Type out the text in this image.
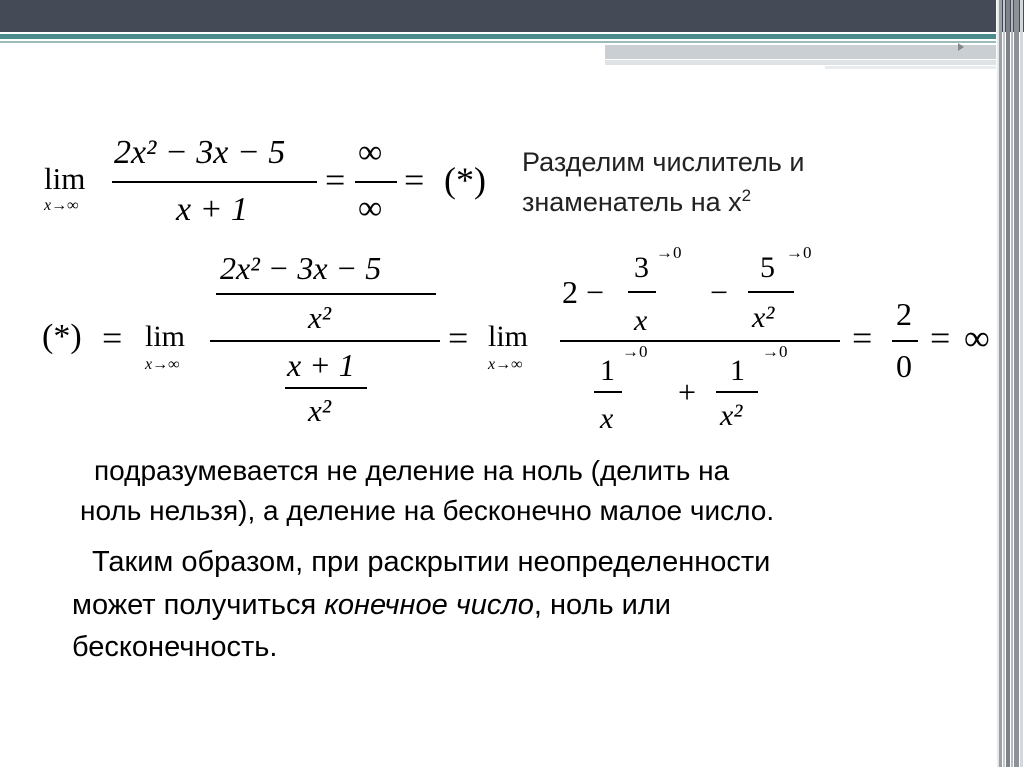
lim
x→∞
2x² − 3x − 5
x + 1
=
∞
∞
= (*) Разделим числитель и
знаменатель на $x^2$
(*) = lim
x→∞
2x² − 3x − 5
x²
x + 1
x²
= lim
x→∞
2 −
3 →0
x
−
5 →0
x²
1
→0
x
+
1
→0
x²
=
2
0
= ∞
подразумевается не деление на ноль (делить на
ноль нельзя), а деление на бесконечно малое число.
Таким образом, при раскрытии неопределенности
может получиться конечное число, ноль или
бесконечность.
